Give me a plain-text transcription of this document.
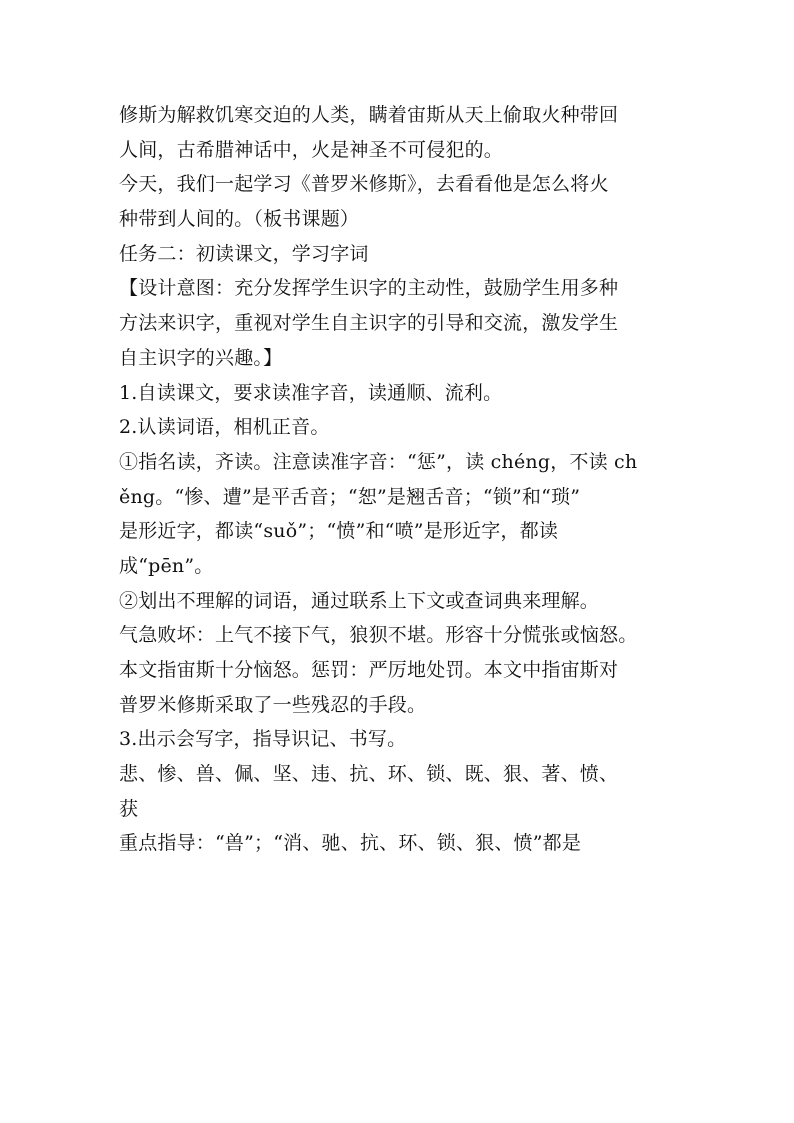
修斯为解救饥寒交迫的人类，瞒着宙斯从天上偷取火种带回

人间，古希腊神话中，火是神圣不可侵犯的。

今天，我们一起学习《普罗米修斯》，去看看他是怎么将火

种带到人间的。（板书课题）

任务二：初读课文，学习字词

【设计意图：充分发挥学生识字的主动性，鼓励学生用多种

方法来识字，重视对学生自主识字的引导和交流，激发学生

自主识字的兴趣。】

1.自读课文，要求读准字音，读通顺、流利。

2.认读词语，相机正音。

①指名读，齐读。注意读准字音：“惩”，读 chéng，不读 ch

ěng。“惨、遭”是平舌音；“恕”是翘舌音；“锁”和“琐”

是形近字，都读“suǒ”；“愤”和“喷”是形近字，都读

成“pēn”。

②划出不理解的词语，通过联系上下文或查词典来理解。

气急败坏：上气不接下气，狼狈不堪。形容十分慌张或恼怒。

本文指宙斯十分恼怒。惩罚：严厉地处罚。本文中指宙斯对

普罗米修斯采取了一些残忍的手段。

3.出示会写字，指导识记、书写。

悲、惨、兽、佩、坚、违、抗、环、锁、既、狠、著、愤、

获

重点指导：“兽”；“消、驰、抗、环、锁、狠、愤”都是
